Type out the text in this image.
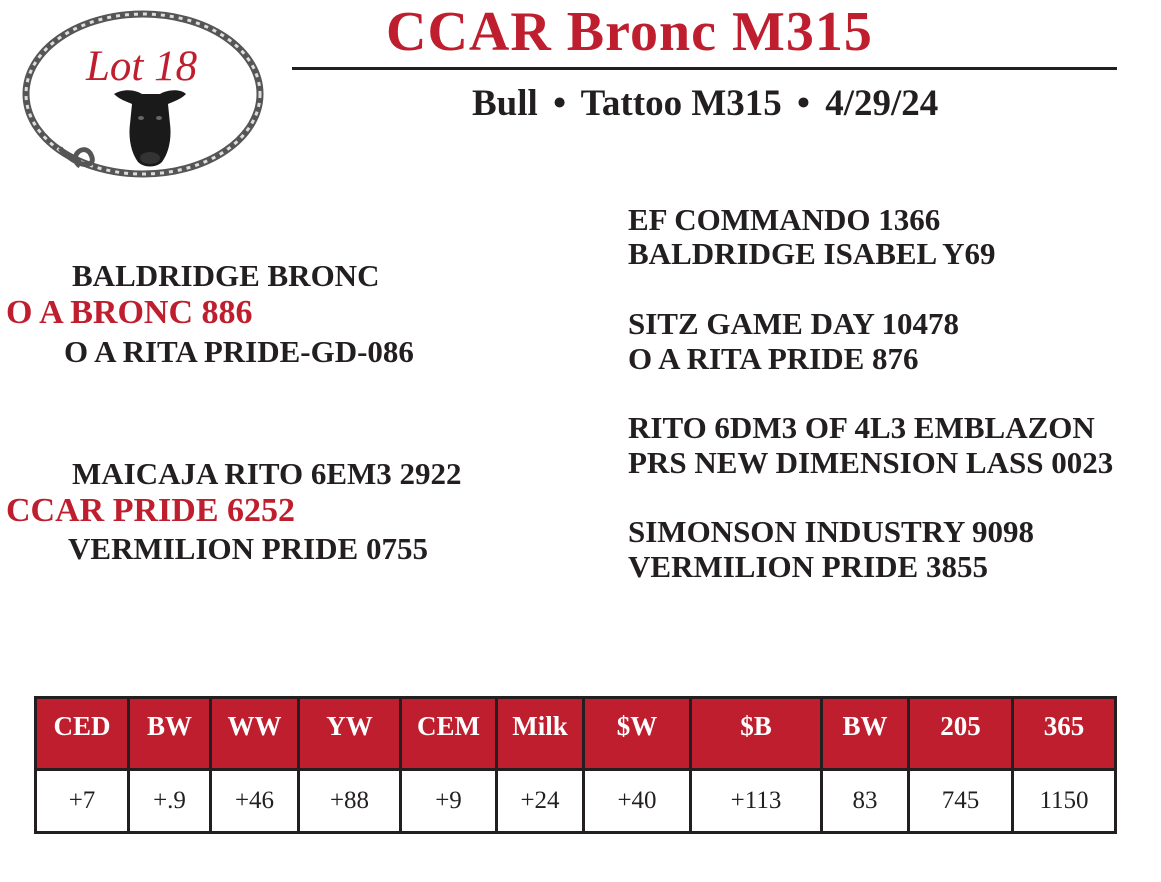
Lot 18
CCAR Bronc M315
Bull • Tattoo M315 • 4/29/24
BALDRIDGE BRONC
O A BRONC 886
O A RITA PRIDE-GD-086
MAICAJA RITO 6EM3 2922
CCAR PRIDE 6252
VERMILION PRIDE 0755
EF COMMANDO 1366
BALDRIDGE ISABEL Y69
SITZ GAME DAY 10478
O A RITA PRIDE 876
RITO 6DM3 OF 4L3 EMBLAZON
PRS NEW DIMENSION LASS 0023
SIMONSON INDUSTRY 9098
VERMILION PRIDE 3855
CED	BW	WW	YW	CEM	Milk	$W	$B	BW	205	365
+7	+.9	+46	+88	+9	+24	+40	+113	83	745	1150
